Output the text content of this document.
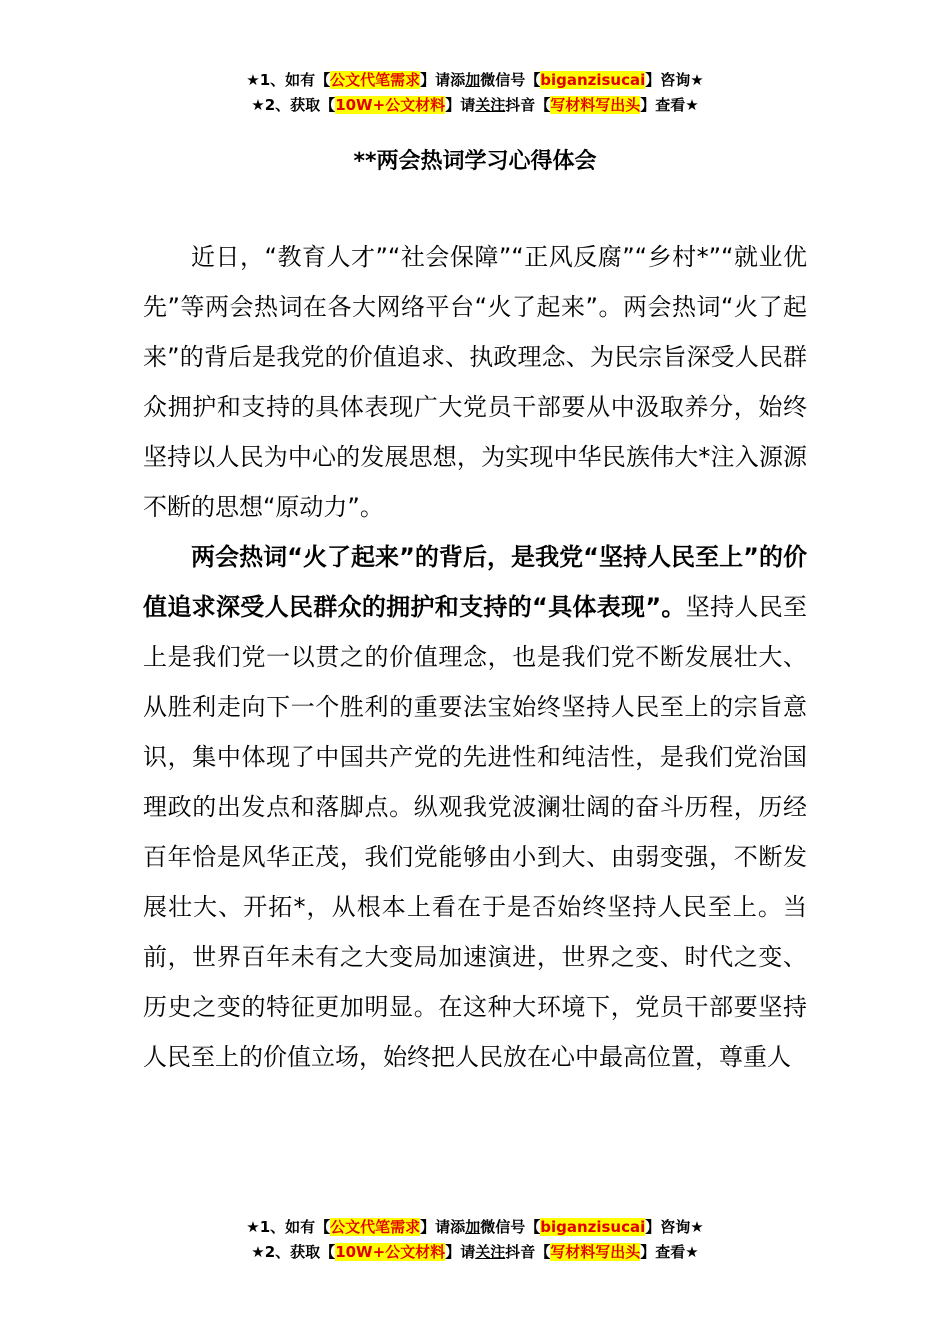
★1、如有【公文代笔需求】请添加微信号【biganzisucai】咨询★
★2、获取【10W+公文材料】请关注抖音【写材料写出头】查看★
**两会热词学习心得体会

近日，“教育人才”“社会保障”“正风反腐”“乡村*”“就业优先”等两会热词在各大网络平台“火了起来”。两会热词“火了起来”的背后是我党的价值追求、执政理念、为民宗旨深受人民群众拥护和支持的具体表现广大党员干部要从中汲取养分，始终坚持以人民为中心的发展思想，为实现中华民族伟大*注入源源不断的思想“原动力”。

两会热词“火了起来”的背后，是我党“坚持人民至上”的价值追求深受人民群众的拥护和支持的“具体表现”。坚持人民至上是我们党一以贯之的价值理念，也是我们党不断发展壮大、从胜利走向下一个胜利的重要法宝始终坚持人民至上的宗旨意识，集中体现了中国共产党的先进性和纯洁性，是我们党治国理政的出发点和落脚点。纵观我党波澜壮阔的奋斗历程，历经百年恰是风华正茂，我们党能够由小到大、由弱变强，不断发展壮大、开拓*，从根本上看在于是否始终坚持人民至上。当前，世界百年未有之大变局加速演进，世界之变、时代之变、历史之变的特征更加明显。在这种大环境下，党员干部要坚持人民至上的价值立场，始终把人民放在心中最高位置，尊重人

★1、如有【公文代笔需求】请添加微信号【biganzisucai】咨询★
★2、获取【10W+公文材料】请关注抖音【写材料写出头】查看★
